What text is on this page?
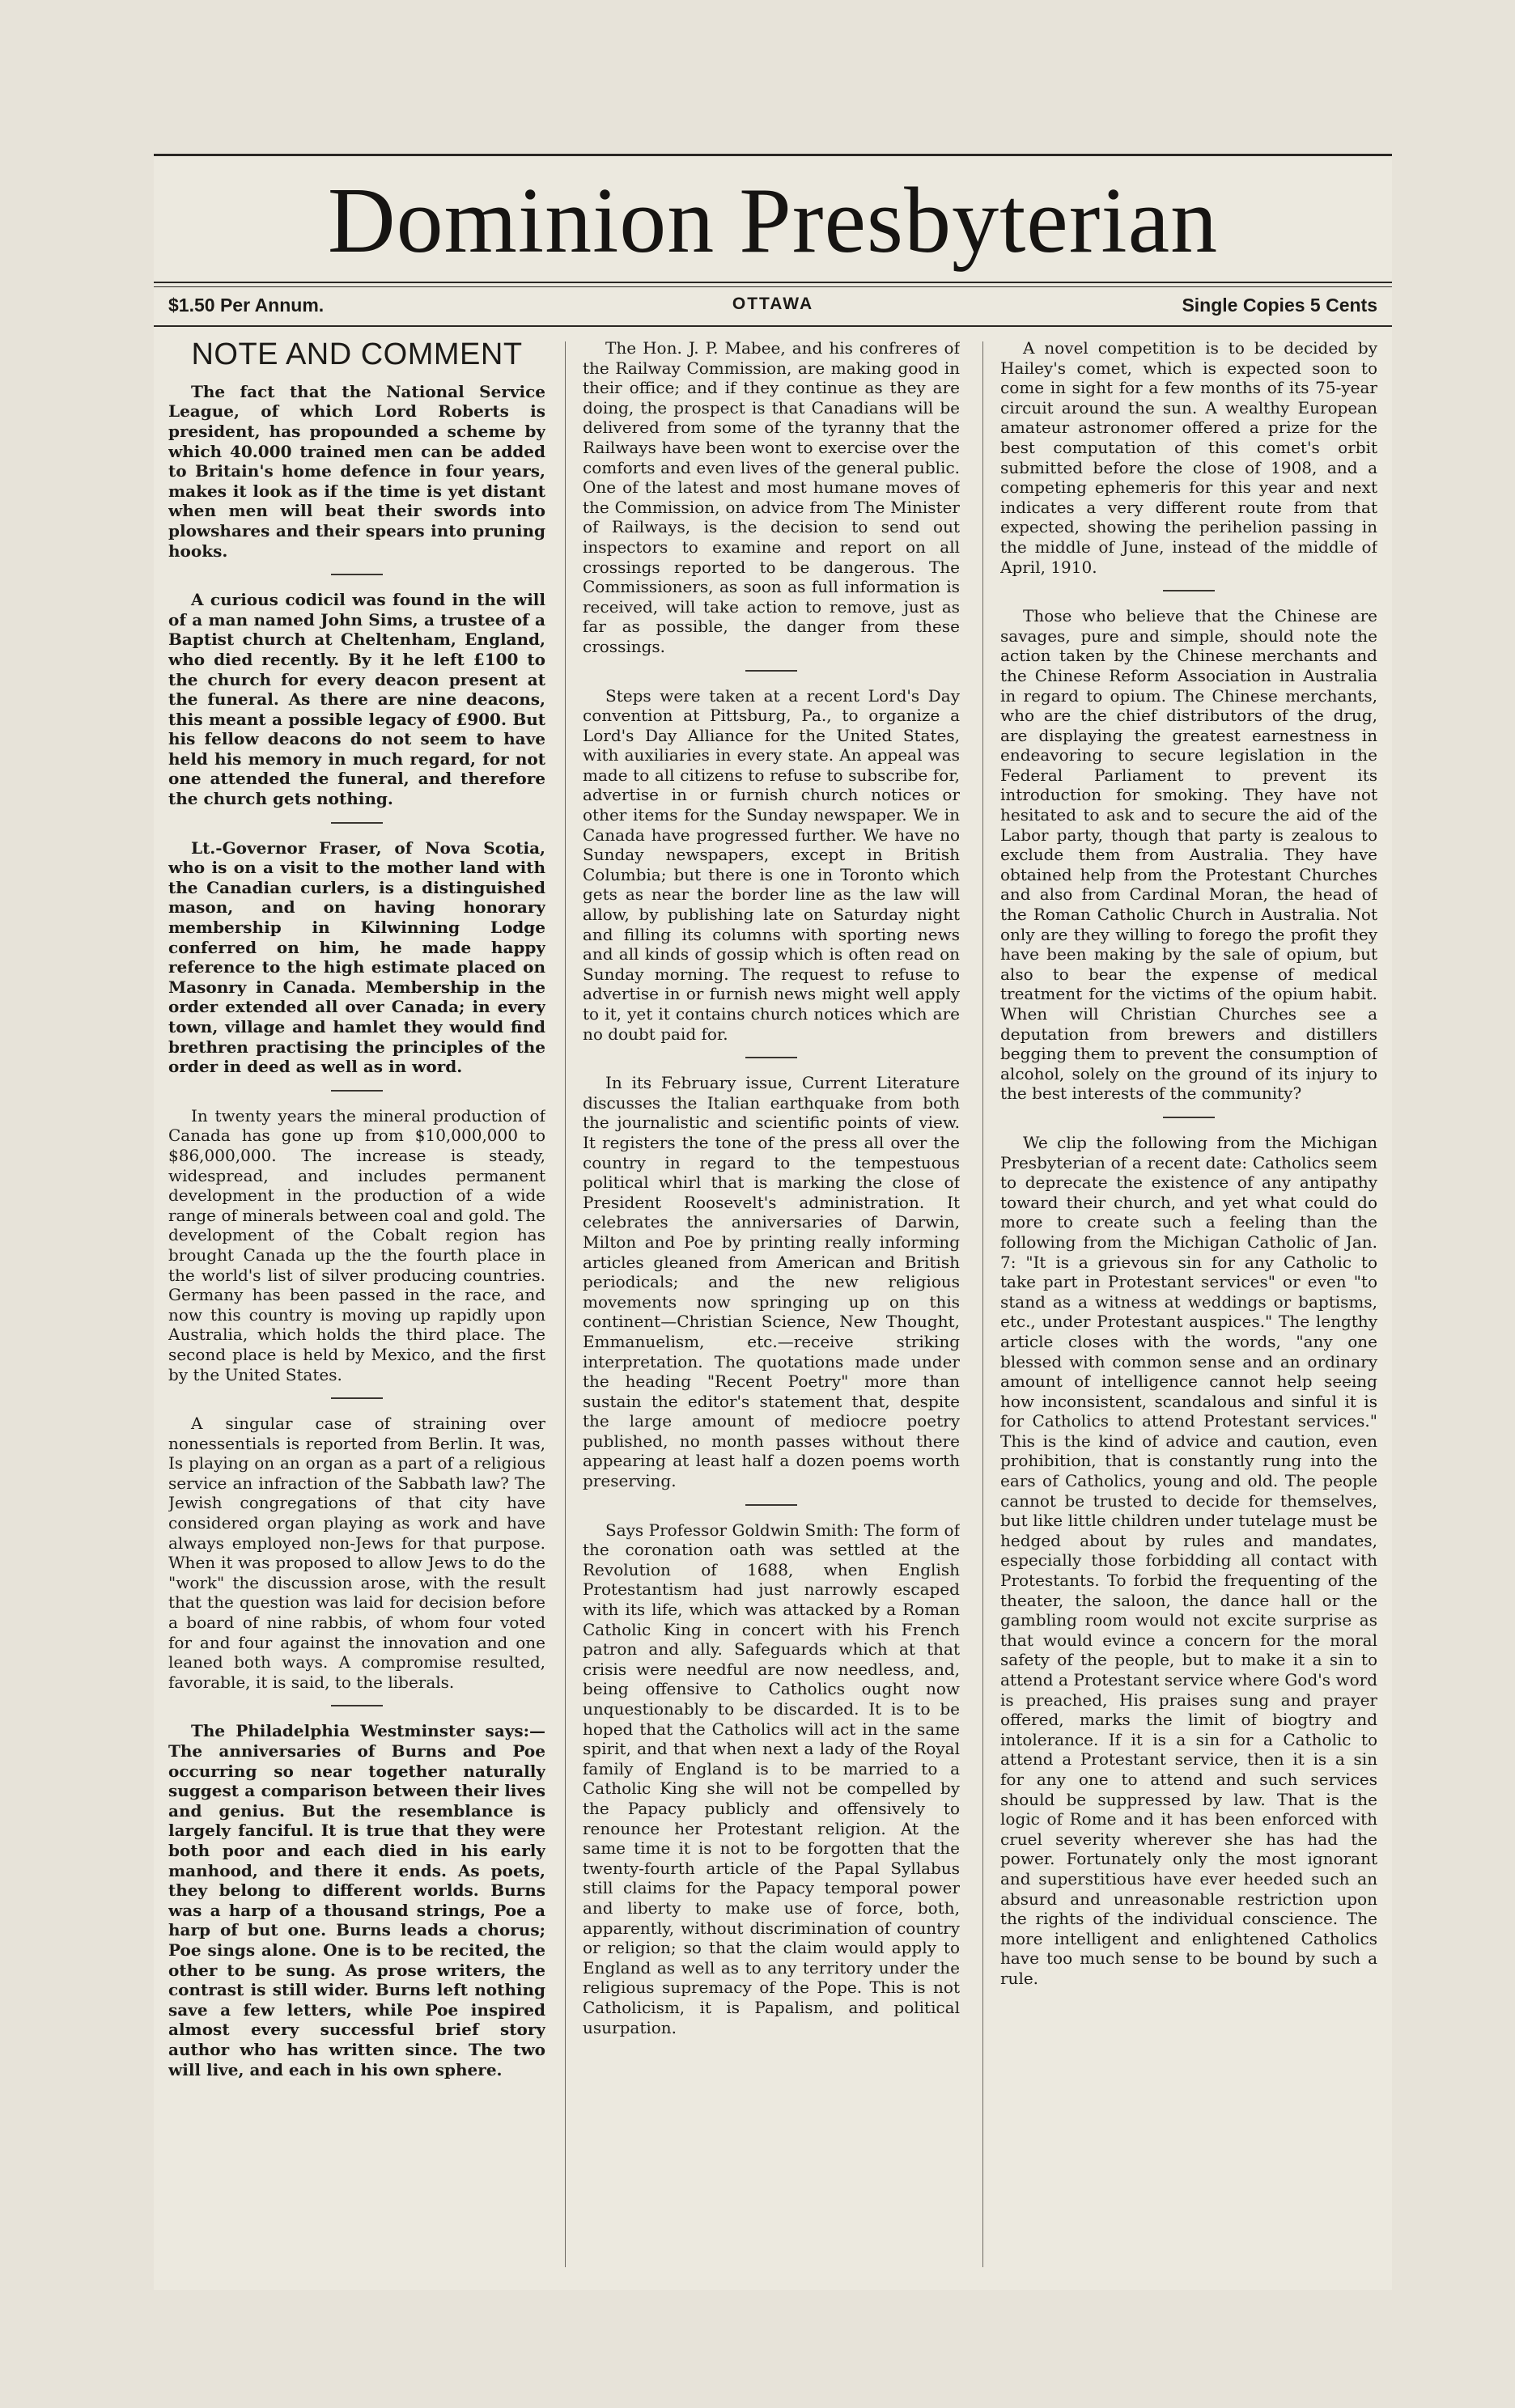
Dominion Presbyterian
$1.50 Per Annum.	OTTAWA	Single Copies 5 Cents
NOTE AND COMMENT

The fact that the National Service League, of which Lord Roberts is president, has propounded a scheme by which 40.000 trained men can be added to Britain's home defence in four years, makes it look as if the time is yet distant when men will beat their swords into plowshares and their spears into pruning hooks.

A curious codicil was found in the will of a man named John Sims, a trustee of a Baptist church at Cheltenham, England, who died recently. By it he left £100 to the church for every deacon present at the funeral. As there are nine deacons, this meant a possible legacy of £900. But his fellow deacons do not seem to have held his memory in much regard, for not one attended the funeral, and therefore the church gets nothing.

Lt.-Governor Fraser, of Nova Scotia, who is on a visit to the mother land with the Canadian curlers, is a distinguished mason, and on having honorary membership in Kilwinning Lodge conferred on him, he made happy reference to the high estimate placed on Masonry in Canada. Membership in the order extended all over Canada; in every town, village and hamlet they would find brethren practising the principles of the order in deed as well as in word.

In twenty years the mineral production of Canada has gone up from $10,000,000 to $86,000,000. The increase is steady, widespread, and includes permanent development in the production of a wide range of minerals between coal and gold. The development of the Cobalt region has brought Canada up the the fourth place in the world's list of silver producing countries. Germany has been passed in the race, and now this country is moving up rapidly upon Australia, which holds the third place. The second place is held by Mexico, and the first by the United States.

A singular case of straining over nonessentials is reported from Berlin. It was, Is playing on an organ as a part of a religious service an infraction of the Sabbath law? The Jewish congregations of that city have considered organ playing as work and have always employed non-Jews for that purpose. When it was proposed to allow Jews to do the "work" the discussion arose, with the result that the question was laid for decision before a board of nine rabbis, of whom four voted for and four against the innovation and one leaned both ways. A compromise resulted, favorable, it is said, to the liberals.

The Philadelphia Westminster says:— The anniversaries of Burns and Poe occurring so near together naturally suggest a comparison between their lives and genius. But the resemblance is largely fanciful. It is true that they were both poor and each died in his early manhood, and there it ends. As poets, they belong to different worlds. Burns was a harp of a thousand strings, Poe a harp of but one. Burns leads a chorus; Poe sings alone. One is to be recited, the other to be sung. As prose writers, the contrast is still wider. Burns left nothing save a few letters, while Poe inspired almost every successful brief story author who has written since. The two will live, and each in his own sphere.

The Hon. J. P. Mabee, and his confreres of the Railway Commission, are making good in their office; and if they continue as they are doing, the prospect is that Canadians will be delivered from some of the tyranny that the Railways have been wont to exercise over the comforts and even lives of the general public. One of the latest and most humane moves of the Commission, on advice from The Minister of Railways, is the decision to send out inspectors to examine and report on all crossings reported to be dangerous. The Commissioners, as soon as full information is received, will take action to remove, just as far as possible, the danger from these crossings.

Steps were taken at a recent Lord's Day convention at Pittsburg, Pa., to organize a Lord's Day Alliance for the United States, with auxiliaries in every state. An appeal was made to all citizens to refuse to subscribe for, advertise in or furnish church notices or other items for the Sunday newspaper. We in Canada have progressed further. We have no Sunday newspapers, except in British Columbia; but there is one in Toronto which gets as near the border line as the law will allow, by publishing late on Saturday night and filling its columns with sporting news and all kinds of gossip which is often read on Sunday morning. The request to refuse to advertise in or furnish news might well apply to it, yet it contains church notices which are no doubt paid for.

In its February issue, Current Literature discusses the Italian earthquake from both the journalistic and scientific points of view. It registers the tone of the press all over the country in regard to the tempestuous political whirl that is marking the close of President Roosevelt's administration. It celebrates the anniversaries of Darwin, Milton and Poe by printing really informing articles gleaned from American and British periodicals; and the new religious movements now springing up on this continent—Christian Science, New Thought, Emmanuelism, etc.—receive striking interpretation. The quotations made under the heading "Recent Poetry" more than sustain the editor's statement that, despite the large amount of mediocre poetry published, no month passes without there appearing at least half a dozen poems worth preserving.

Says Professor Goldwin Smith: The form of the coronation oath was settled at the Revolution of 1688, when English Protestantism had just narrowly escaped with its life, which was attacked by a Roman Catholic King in concert with his French patron and ally. Safeguards which at that crisis were needful are now needless, and, being offensive to Catholics ought now unquestionably to be discarded. It is to be hoped that the Catholics will act in the same spirit, and that when next a lady of the Royal family of England is to be married to a Catholic King she will not be compelled by the Papacy publicly and offensively to renounce her Protestant religion. At the same time it is not to be forgotten that the twenty-fourth article of the Papal Syllabus still claims for the Papacy temporal power and liberty to make use of force, both, apparently, without discrimination of country or religion; so that the claim would apply to England as well as to any territory under the religious supremacy of the Pope. This is not Catholicism, it is Papalism, and political usurpation.

A novel competition is to be decided by Hailey's comet, which is expected soon to come in sight for a few months of its 75-year circuit around the sun. A wealthy European amateur astronomer offered a prize for the best computation of this comet's orbit submitted before the close of 1908, and a competing ephemeris for this year and next indicates a very different route from that expected, showing the perihelion passing in the middle of June, instead of the middle of April, 1910.

Those who believe that the Chinese are savages, pure and simple, should note the action taken by the Chinese merchants and the Chinese Reform Association in Australia in regard to opium. The Chinese merchants, who are the chief distributors of the drug, are displaying the greatest earnestness in endeavoring to secure legislation in the Federal Parliament to prevent its introduction for smoking. They have not hesitated to ask and to secure the aid of the Labor party, though that party is zealous to exclude them from Australia. They have obtained help from the Protestant Churches and also from Cardinal Moran, the head of the Roman Catholic Church in Australia. Not only are they willing to forego the profit they have been making by the sale of opium, but also to bear the expense of medical treatment for the victims of the opium habit. When will Christian Churches see a deputation from brewers and distillers begging them to prevent the consumption of alcohol, solely on the ground of its injury to the best interests of the community?

We clip the following from the Michigan Presbyterian of a recent date: Catholics seem to deprecate the existence of any antipathy toward their church, and yet what could do more to create such a feeling than the following from the Michigan Catholic of Jan. 7: "It is a grievous sin for any Catholic to take part in Protestant services" or even "to stand as a witness at weddings or baptisms, etc., under Protestant auspices." The lengthy article closes with the words, "any one blessed with common sense and an ordinary amount of intelligence cannot help seeing how inconsistent, scandalous and sinful it is for Catholics to attend Protestant services." This is the kind of advice and caution, even prohibition, that is constantly rung into the ears of Catholics, young and old. The people cannot be trusted to decide for themselves, but like little children under tutelage must be hedged about by rules and mandates, especially those forbidding all contact with Protestants. To forbid the frequenting of the theater, the saloon, the dance hall or the gambling room would not excite surprise as that would evince a concern for the moral safety of the people, but to make it a sin to attend a Protestant service where God's word is preached, His praises sung and prayer offered, marks the limit of biogtry and intolerance. If it is a sin for a Catholic to attend a Protestant service, then it is a sin for any one to attend and such services should be suppressed by law. That is the logic of Rome and it has been enforced with cruel severity wherever she has had the power. Fortunately only the most ignorant and superstitious have ever heeded such an absurd and unreasonable restriction upon the rights of the individual conscience. The more intelligent and enlightened Catholics have too much sense to be bound by such a rule.
